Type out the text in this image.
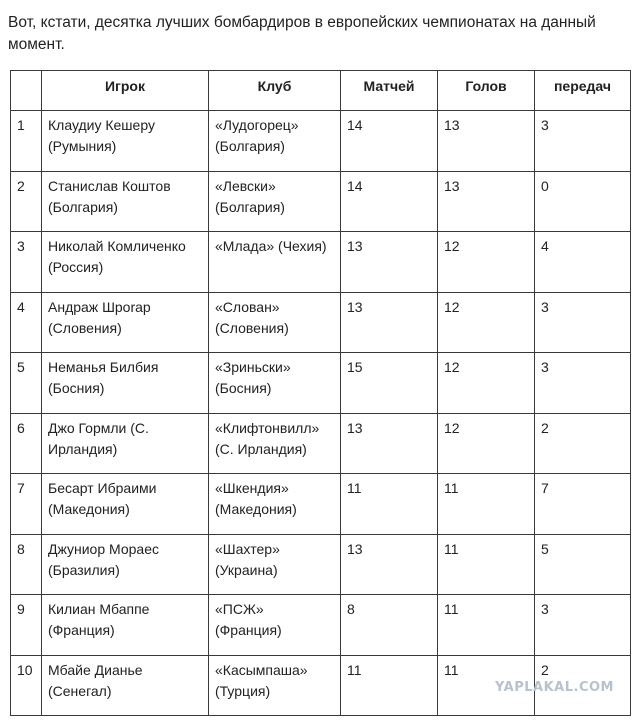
Вот, кстати, десятка лучших бомбардиров в европейских чемпионатах на данный момент.

	Игрок	Клуб	Матчей	Голов	передач
1	Клаудиу Кешеру (Румыния)	«Лудогорец» (Болгария)	14	13	3
2	Станислав Коштов (Болгария)	«Левски» (Болгария)	14	13	0
3	Николай Комличенко (Россия)	«Млада» (Чехия)	13	12	4
4	Андраж Шporар (Словения)	«Слован» (Словения)	13	12	3
5	Неманья Билбия (Босния)	«Зриньски» (Босния)	15	12	3
6	Джо Гормли (С. Ирландия)	«Клифтонвилл» (С. Ирландия)	13	12	2
7	Бесарт Ибраими (Македония)	«Шкендия» (Македония)	11	11	7
8	Джуниор Мораес (Бразилия)	«Шахтер» (Украина)	13	11	5
9	Килиан Мбаппе (Франция)	«ПСЖ» (Франция)	8	11	3
10	Мбайе Дианье (Сенегал)	«Касымпаша» (Турция)	11	11	2
YAPLAKAL.COM
